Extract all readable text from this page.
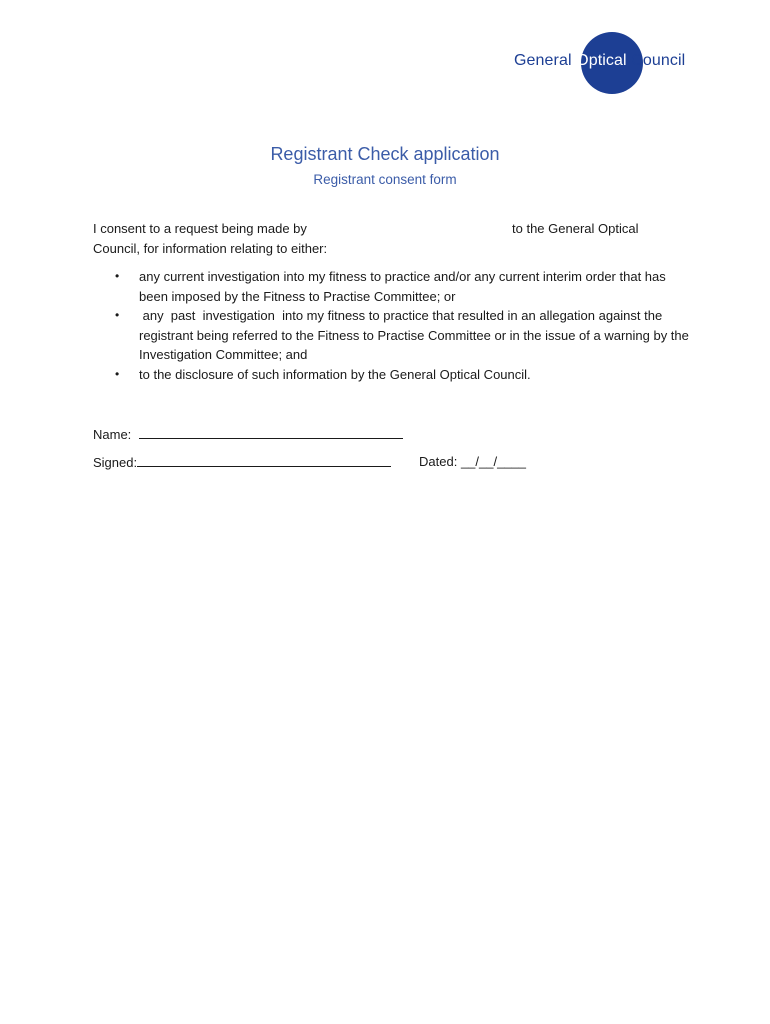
General Optical Council
Registrant Check application
Registrant consent form
I consent to a request being made by	to the General Optical
Council, for information relating to either:
• any current investigation into my fitness to practice and/or any current interim order that has been imposed by the Fitness to Practise Committee; or
• any  past  investigation  into my fitness to practice that resulted in an allegation against the registrant being referred to the Fitness to Practise Committee or in the issue of a warning by the Investigation Committee; and
• to the disclosure of such information by the General Optical Council.
Name:
Signed:	Dated: __/__/____
